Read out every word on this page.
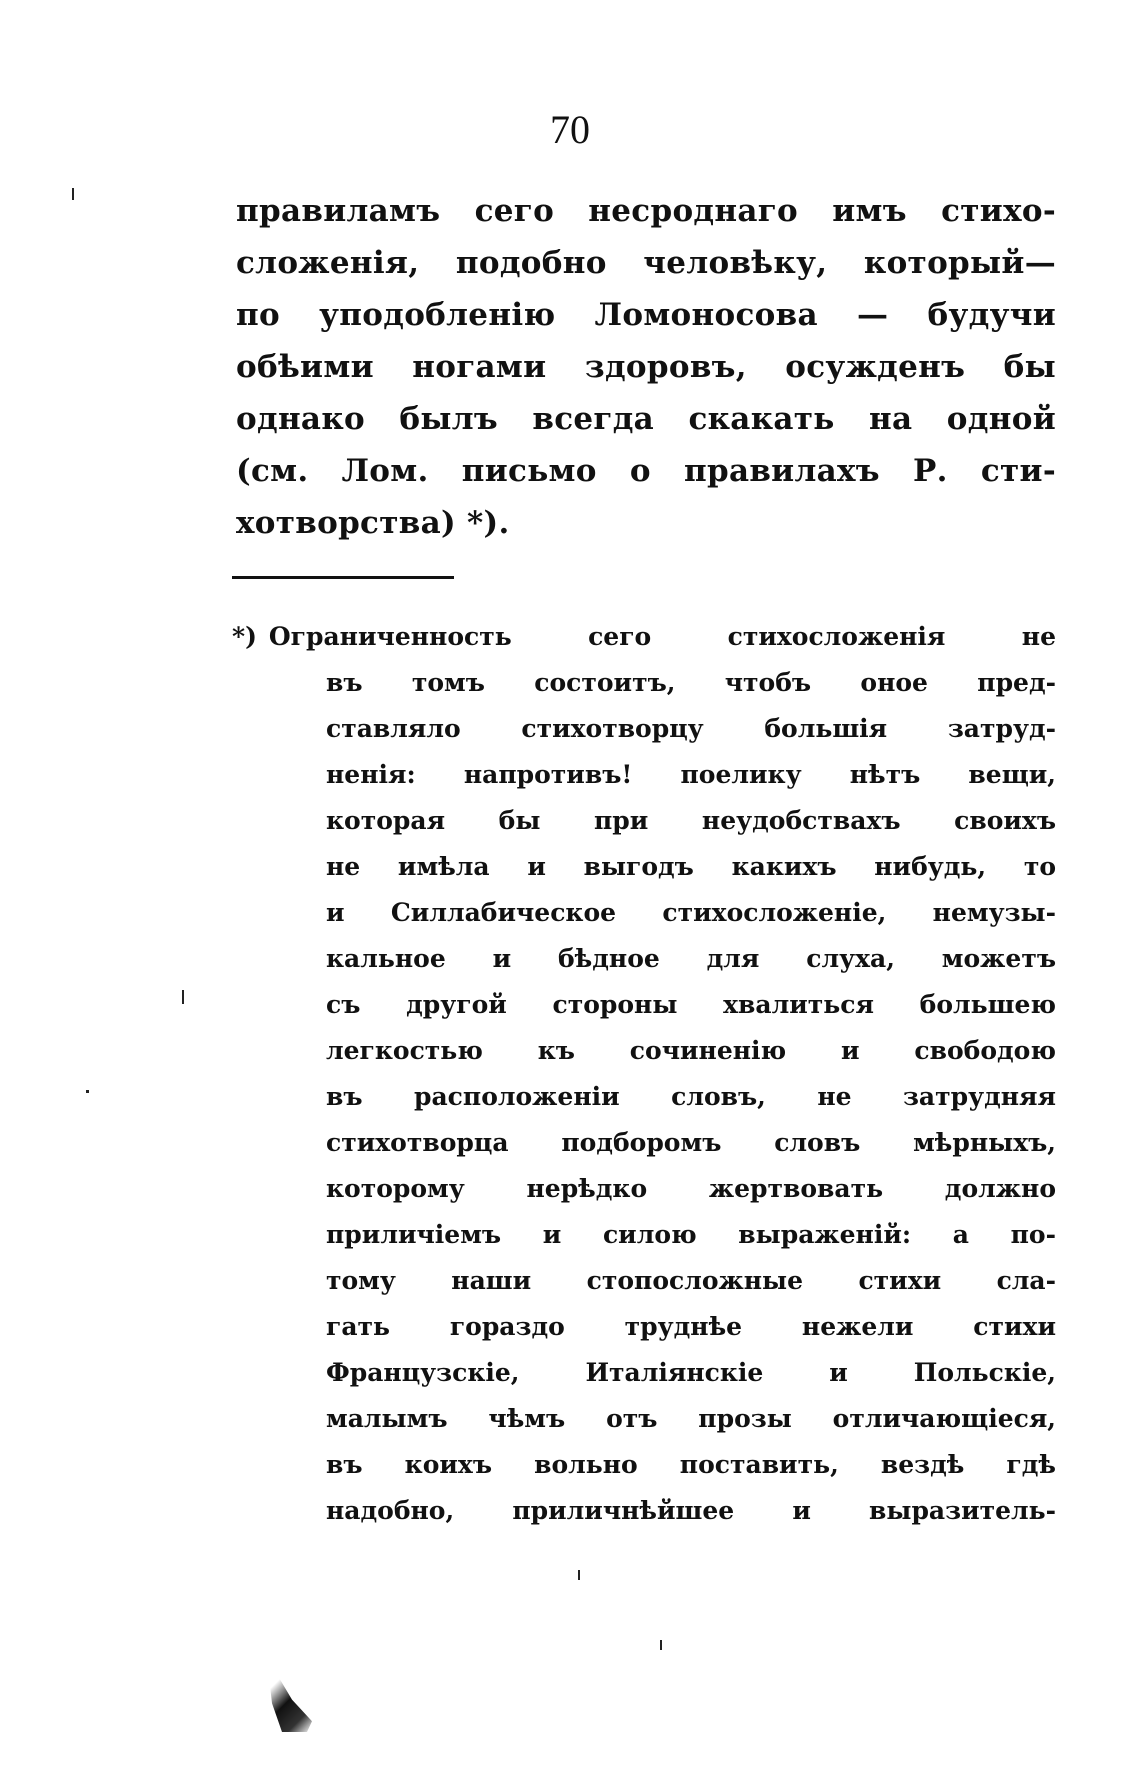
70
правиламъ сего несроднаго имъ стихо-
сложенія, подобно человѣку, который—
по уподобленію Ломоносова — будучи
обѣими ногами здоровъ, осужденъ бы
однако былъ всегда скакать на одной
(см. Лом. письмо о правилахъ Р. сти-
хотворства) *).
*) Ограниченность сего стихосложенія не
въ томъ состоитъ, чтобъ оное пред-
ставляло стихотворцу большія затруд-
ненія: напротивъ! поелику нѣтъ вещи,
которая бы при неудобствахъ своихъ
не имѣла и выгодъ какихъ нибудь, то
и Силлабическое стихосложеніе, немузы-
кальное и бѣдное для слуха, можетъ
съ другой стороны хвалиться большею
легкостью къ сочиненію и свободою
въ расположеніи словъ, не затрудняя
стихотворца подборомъ словъ мѣрныхъ,
которому нерѣдко жертвовать должно
приличіемъ и силою выраженій: а по-
тому наши стопосложные стихи сла-
гать гораздо труднѣе нежели стихи
Французскіе, Италіянскіе и Польскіе,
малымъ чѣмъ отъ прозы отличающіеся,
въ коихъ вольно поставить, вездѣ гдѣ
надобно, приличнѣйшее и выразитель-
